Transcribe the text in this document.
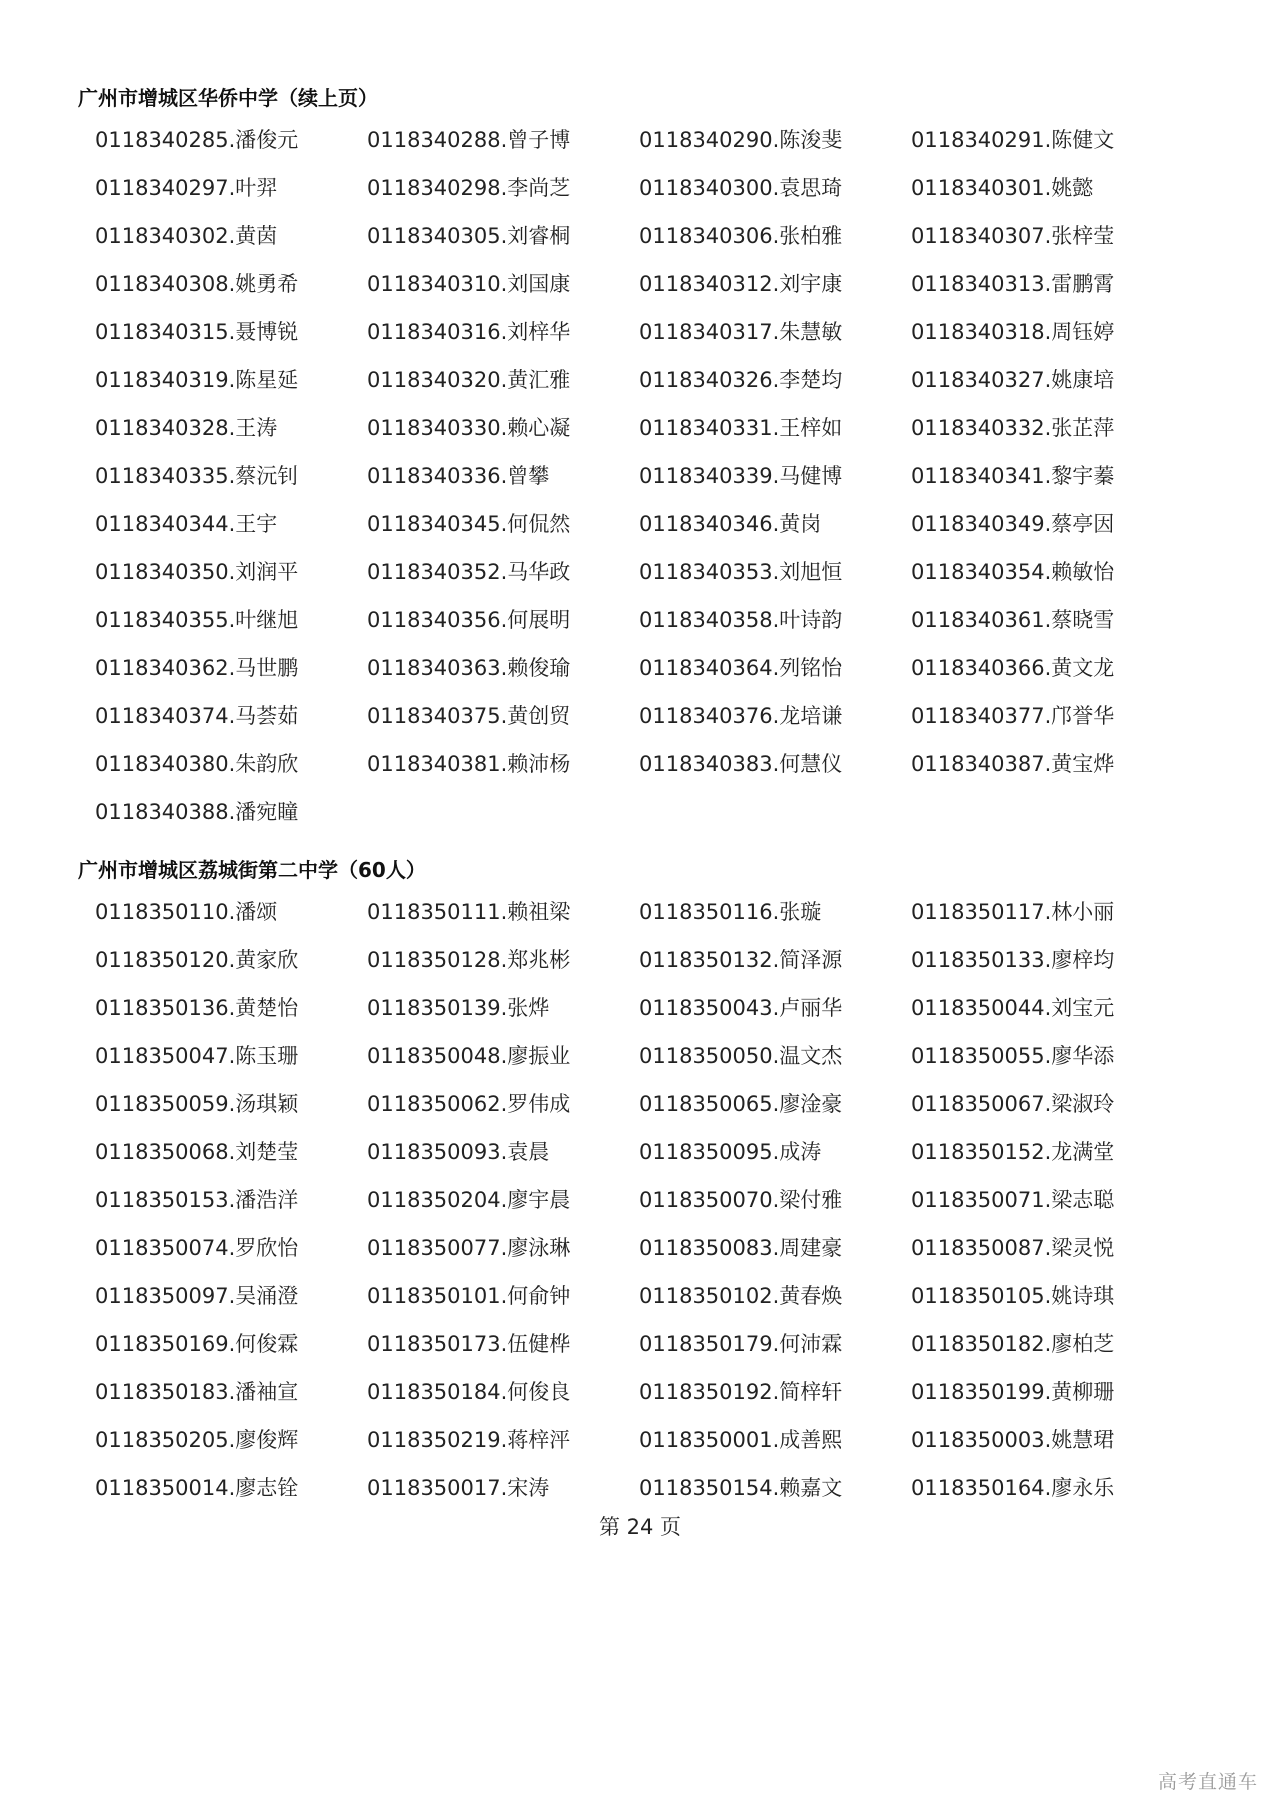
广州市增城区华侨中学（续上页）
0118340285.潘俊元	0118340288.曾子博	0118340290.陈浚斐	0118340291.陈健文
0118340297.叶羿	0118340298.李尚芝	0118340300.袁思琦	0118340301.姚懿
0118340302.黄茵	0118340305.刘睿桐	0118340306.张柏雅	0118340307.张梓莹
0118340308.姚勇希	0118340310.刘国康	0118340312.刘宇康	0118340313.雷鹏霄
0118340315.聂博锐	0118340316.刘梓华	0118340317.朱慧敏	0118340318.周钰婷
0118340319.陈星延	0118340320.黄汇雅	0118340326.李楚均	0118340327.姚康培
0118340328.王涛	0118340330.赖心凝	0118340331.王梓如	0118340332.张芷萍
0118340335.蔡沅钊	0118340336.曾攀	0118340339.马健博	0118340341.黎宇蓁
0118340344.王宇	0118340345.何侃然	0118340346.黄岗	0118340349.蔡亭因
0118340350.刘润平	0118340352.马华政	0118340353.刘旭恒	0118340354.赖敏怡
0118340355.叶继旭	0118340356.何展明	0118340358.叶诗韵	0118340361.蔡晓雪
0118340362.马世鹏	0118340363.赖俊瑜	0118340364.列铭怡	0118340366.黄文龙
0118340374.马荟茹	0118340375.黄创贸	0118340376.龙培谦	0118340377.邝誉华
0118340380.朱韵欣	0118340381.赖沛杨	0118340383.何慧仪	0118340387.黄宝烨
0118340388.潘宛瞳
广州市增城区荔城街第二中学（60人）
0118350110.潘颂	0118350111.赖祖梁	0118350116.张璇	0118350117.林小丽
0118350120.黄家欣	0118350128.郑兆彬	0118350132.简泽源	0118350133.廖梓均
0118350136.黄楚怡	0118350139.张烨	0118350043.卢丽华	0118350044.刘宝元
0118350047.陈玉珊	0118350048.廖振业	0118350050.温文杰	0118350055.廖华添
0118350059.汤琪颖	0118350062.罗伟成	0118350065.廖淦豪	0118350067.梁淑玲
0118350068.刘楚莹	0118350093.袁晨	0118350095.成涛	0118350152.龙满堂
0118350153.潘浩洋	0118350204.廖宇晨	0118350070.梁付雅	0118350071.梁志聪
0118350074.罗欣怡	0118350077.廖泳琳	0118350083.周建豪	0118350087.梁灵悦
0118350097.吴涌澄	0118350101.何俞钟	0118350102.黄春焕	0118350105.姚诗琪
0118350169.何俊霖	0118350173.伍健桦	0118350179.何沛霖	0118350182.廖柏芝
0118350183.潘袖宣	0118350184.何俊良	0118350192.简梓轩	0118350199.黄柳珊
0118350205.廖俊辉	0118350219.蒋梓泙	0118350001.成善熙	0118350003.姚慧珺
0118350014.廖志铨	0118350017.宋涛	0118350154.赖嘉文	0118350164.廖永乐
第 24 页
高考直通车
